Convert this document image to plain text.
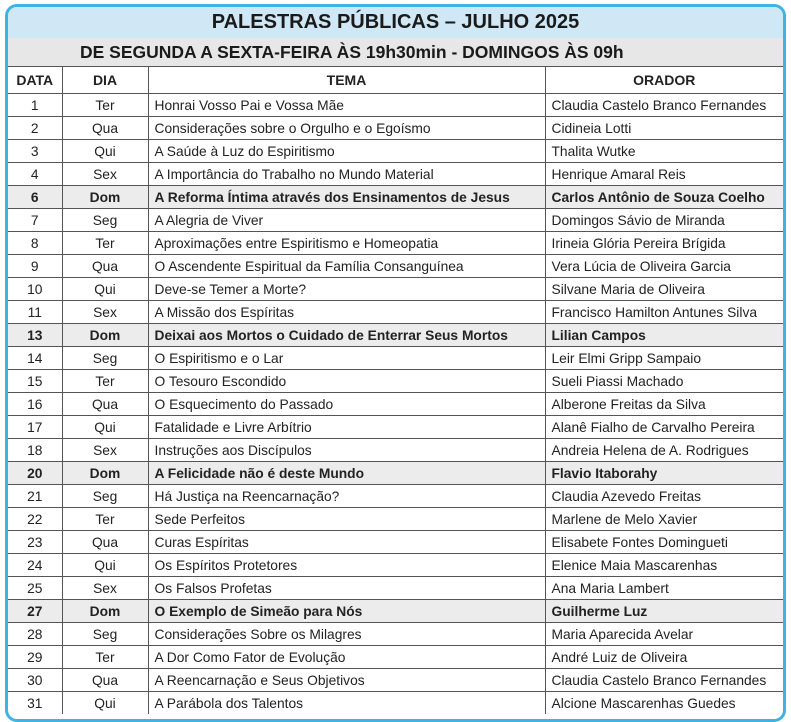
PALESTRAS PÚBLICAS – JULHO 2025
DE SEGUNDA A SEXTA-FEIRA ÀS 19h30min - DOMINGOS ÀS 09h
DATA	DIA	TEMA	ORADOR
1	Ter	Honrai Vosso Pai e Vossa Mãe	Claudia Castelo Branco Fernandes
2	Qua	Considerações sobre o Orgulho e o Egoísmo	Cidineia Lotti
3	Qui	A Saúde à Luz do Espiritismo	Thalita Wutke
4	Sex	A Importância do Trabalho no Mundo Material	Henrique Amaral Reis
6	Dom	A Reforma Íntima através dos Ensinamentos de Jesus	Carlos Antônio de Souza Coelho
7	Seg	A Alegria de Viver	Domingos Sávio de Miranda
8	Ter	Aproximações entre Espiritismo e Homeopatia	Irineia Glória Pereira Brígida
9	Qua	O Ascendente Espiritual da Família Consanguínea	Vera Lúcia de Oliveira Garcia
10	Qui	Deve-se Temer a Morte?	Silvane Maria de Oliveira
11	Sex	A Missão dos Espíritas	Francisco Hamilton Antunes Silva
13	Dom	Deixai aos Mortos o Cuidado de Enterrar Seus Mortos	Lilian Campos
14	Seg	O Espiritismo e o Lar	Leir Elmi Gripp Sampaio
15	Ter	O Tesouro Escondido	Sueli Piassi Machado
16	Qua	O Esquecimento do Passado	Alberone Freitas da Silva
17	Qui	Fatalidade e Livre Arbítrio	Alanê Fialho de Carvalho Pereira
18	Sex	Instruções aos Discípulos	Andreia Helena de A. Rodrigues
20	Dom	A Felicidade não é deste Mundo	Flavio Itaborahy
21	Seg	Há Justiça na Reencarnação?	Claudia Azevedo Freitas
22	Ter	Sede Perfeitos	Marlene de Melo Xavier
23	Qua	Curas Espíritas	Elisabete Fontes Domingueti
24	Qui	Os Espíritos Protetores	Elenice Maia Mascarenhas
25	Sex	Os Falsos Profetas	Ana Maria Lambert
27	Dom	O Exemplo de Simeão para Nós	Guilherme Luz
28	Seg	Considerações Sobre os Milagres	Maria Aparecida Avelar
29	Ter	A Dor Como Fator de Evolução	André Luiz de Oliveira
30	Qua	A Reencarnação e Seus Objetivos	Claudia Castelo Branco Fernandes
31	Qui	A Parábola dos Talentos	Alcione Mascarenhas Guedes
